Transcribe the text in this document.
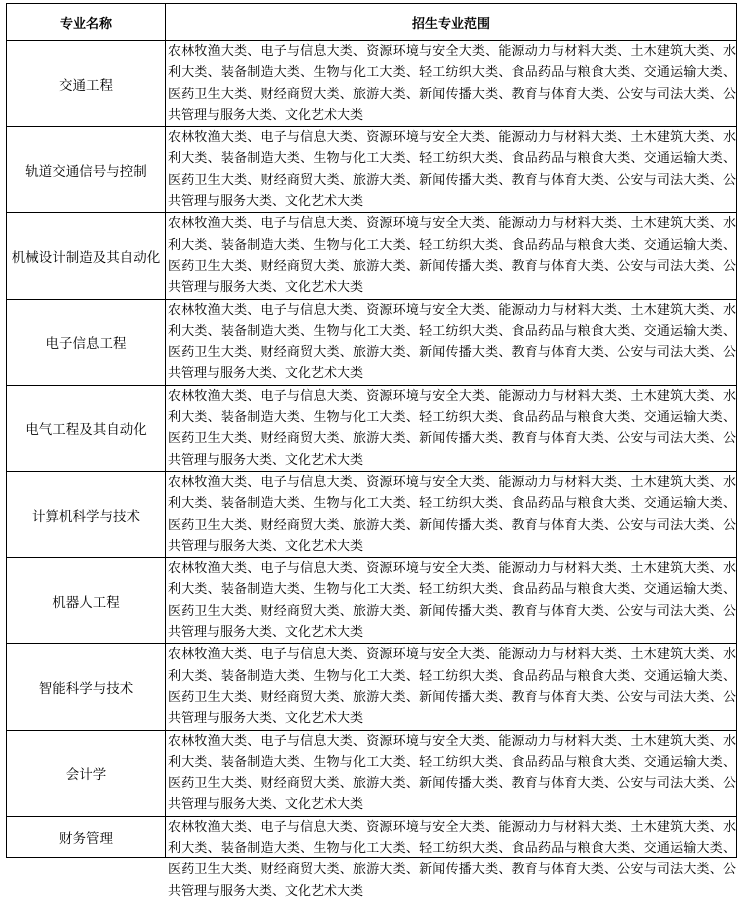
专业名称	招生专业范围
交通工程	农林牧渔大类、电子与信息大类、资源环境与安全大类、能源动力与材料大类、土木建筑大类、水利大类、装备制造大类、生物与化工大类、轻工纺织大类、食品药品与粮食大类、交通运输大类、医药卫生大类、财经商贸大类、旅游大类、新闻传播大类、教育与体育大类、公安与司法大类、公共管理与服务大类、文化艺术大类
轨道交通信号与控制	农林牧渔大类、电子与信息大类、资源环境与安全大类、能源动力与材料大类、土木建筑大类、水利大类、装备制造大类、生物与化工大类、轻工纺织大类、食品药品与粮食大类、交通运输大类、医药卫生大类、财经商贸大类、旅游大类、新闻传播大类、教育与体育大类、公安与司法大类、公共管理与服务大类、文化艺术大类
机械设计制造及其自动化	农林牧渔大类、电子与信息大类、资源环境与安全大类、能源动力与材料大类、土木建筑大类、水利大类、装备制造大类、生物与化工大类、轻工纺织大类、食品药品与粮食大类、交通运输大类、医药卫生大类、财经商贸大类、旅游大类、新闻传播大类、教育与体育大类、公安与司法大类、公共管理与服务大类、文化艺术大类
电子信息工程	农林牧渔大类、电子与信息大类、资源环境与安全大类、能源动力与材料大类、土木建筑大类、水利大类、装备制造大类、生物与化工大类、轻工纺织大类、食品药品与粮食大类、交通运输大类、医药卫生大类、财经商贸大类、旅游大类、新闻传播大类、教育与体育大类、公安与司法大类、公共管理与服务大类、文化艺术大类
电气工程及其自动化	农林牧渔大类、电子与信息大类、资源环境与安全大类、能源动力与材料大类、土木建筑大类、水利大类、装备制造大类、生物与化工大类、轻工纺织大类、食品药品与粮食大类、交通运输大类、医药卫生大类、财经商贸大类、旅游大类、新闻传播大类、教育与体育大类、公安与司法大类、公共管理与服务大类、文化艺术大类
计算机科学与技术	农林牧渔大类、电子与信息大类、资源环境与安全大类、能源动力与材料大类、土木建筑大类、水利大类、装备制造大类、生物与化工大类、轻工纺织大类、食品药品与粮食大类、交通运输大类、医药卫生大类、财经商贸大类、旅游大类、新闻传播大类、教育与体育大类、公安与司法大类、公共管理与服务大类、文化艺术大类
机器人工程	农林牧渔大类、电子与信息大类、资源环境与安全大类、能源动力与材料大类、土木建筑大类、水利大类、装备制造大类、生物与化工大类、轻工纺织大类、食品药品与粮食大类、交通运输大类、医药卫生大类、财经商贸大类、旅游大类、新闻传播大类、教育与体育大类、公安与司法大类、公共管理与服务大类、文化艺术大类
智能科学与技术	农林牧渔大类、电子与信息大类、资源环境与安全大类、能源动力与材料大类、土木建筑大类、水利大类、装备制造大类、生物与化工大类、轻工纺织大类、食品药品与粮食大类、交通运输大类、医药卫生大类、财经商贸大类、旅游大类、新闻传播大类、教育与体育大类、公安与司法大类、公共管理与服务大类、文化艺术大类
会计学	农林牧渔大类、电子与信息大类、资源环境与安全大类、能源动力与材料大类、土木建筑大类、水利大类、装备制造大类、生物与化工大类、轻工纺织大类、食品药品与粮食大类、交通运输大类、医药卫生大类、财经商贸大类、旅游大类、新闻传播大类、教育与体育大类、公安与司法大类、公共管理与服务大类、文化艺术大类
财务管理	农林牧渔大类、电子与信息大类、资源环境与安全大类、能源动力与材料大类、土木建筑大类、水利大类、装备制造大类、生物与化工大类、轻工纺织大类、食品药品与粮食大类、交通运输大类、医药卫生大类、财经商贸大类、旅游大类、新闻传播大类、教育与体育大类、公安与司法大类、公共管理与服务大类、文化艺术大类
